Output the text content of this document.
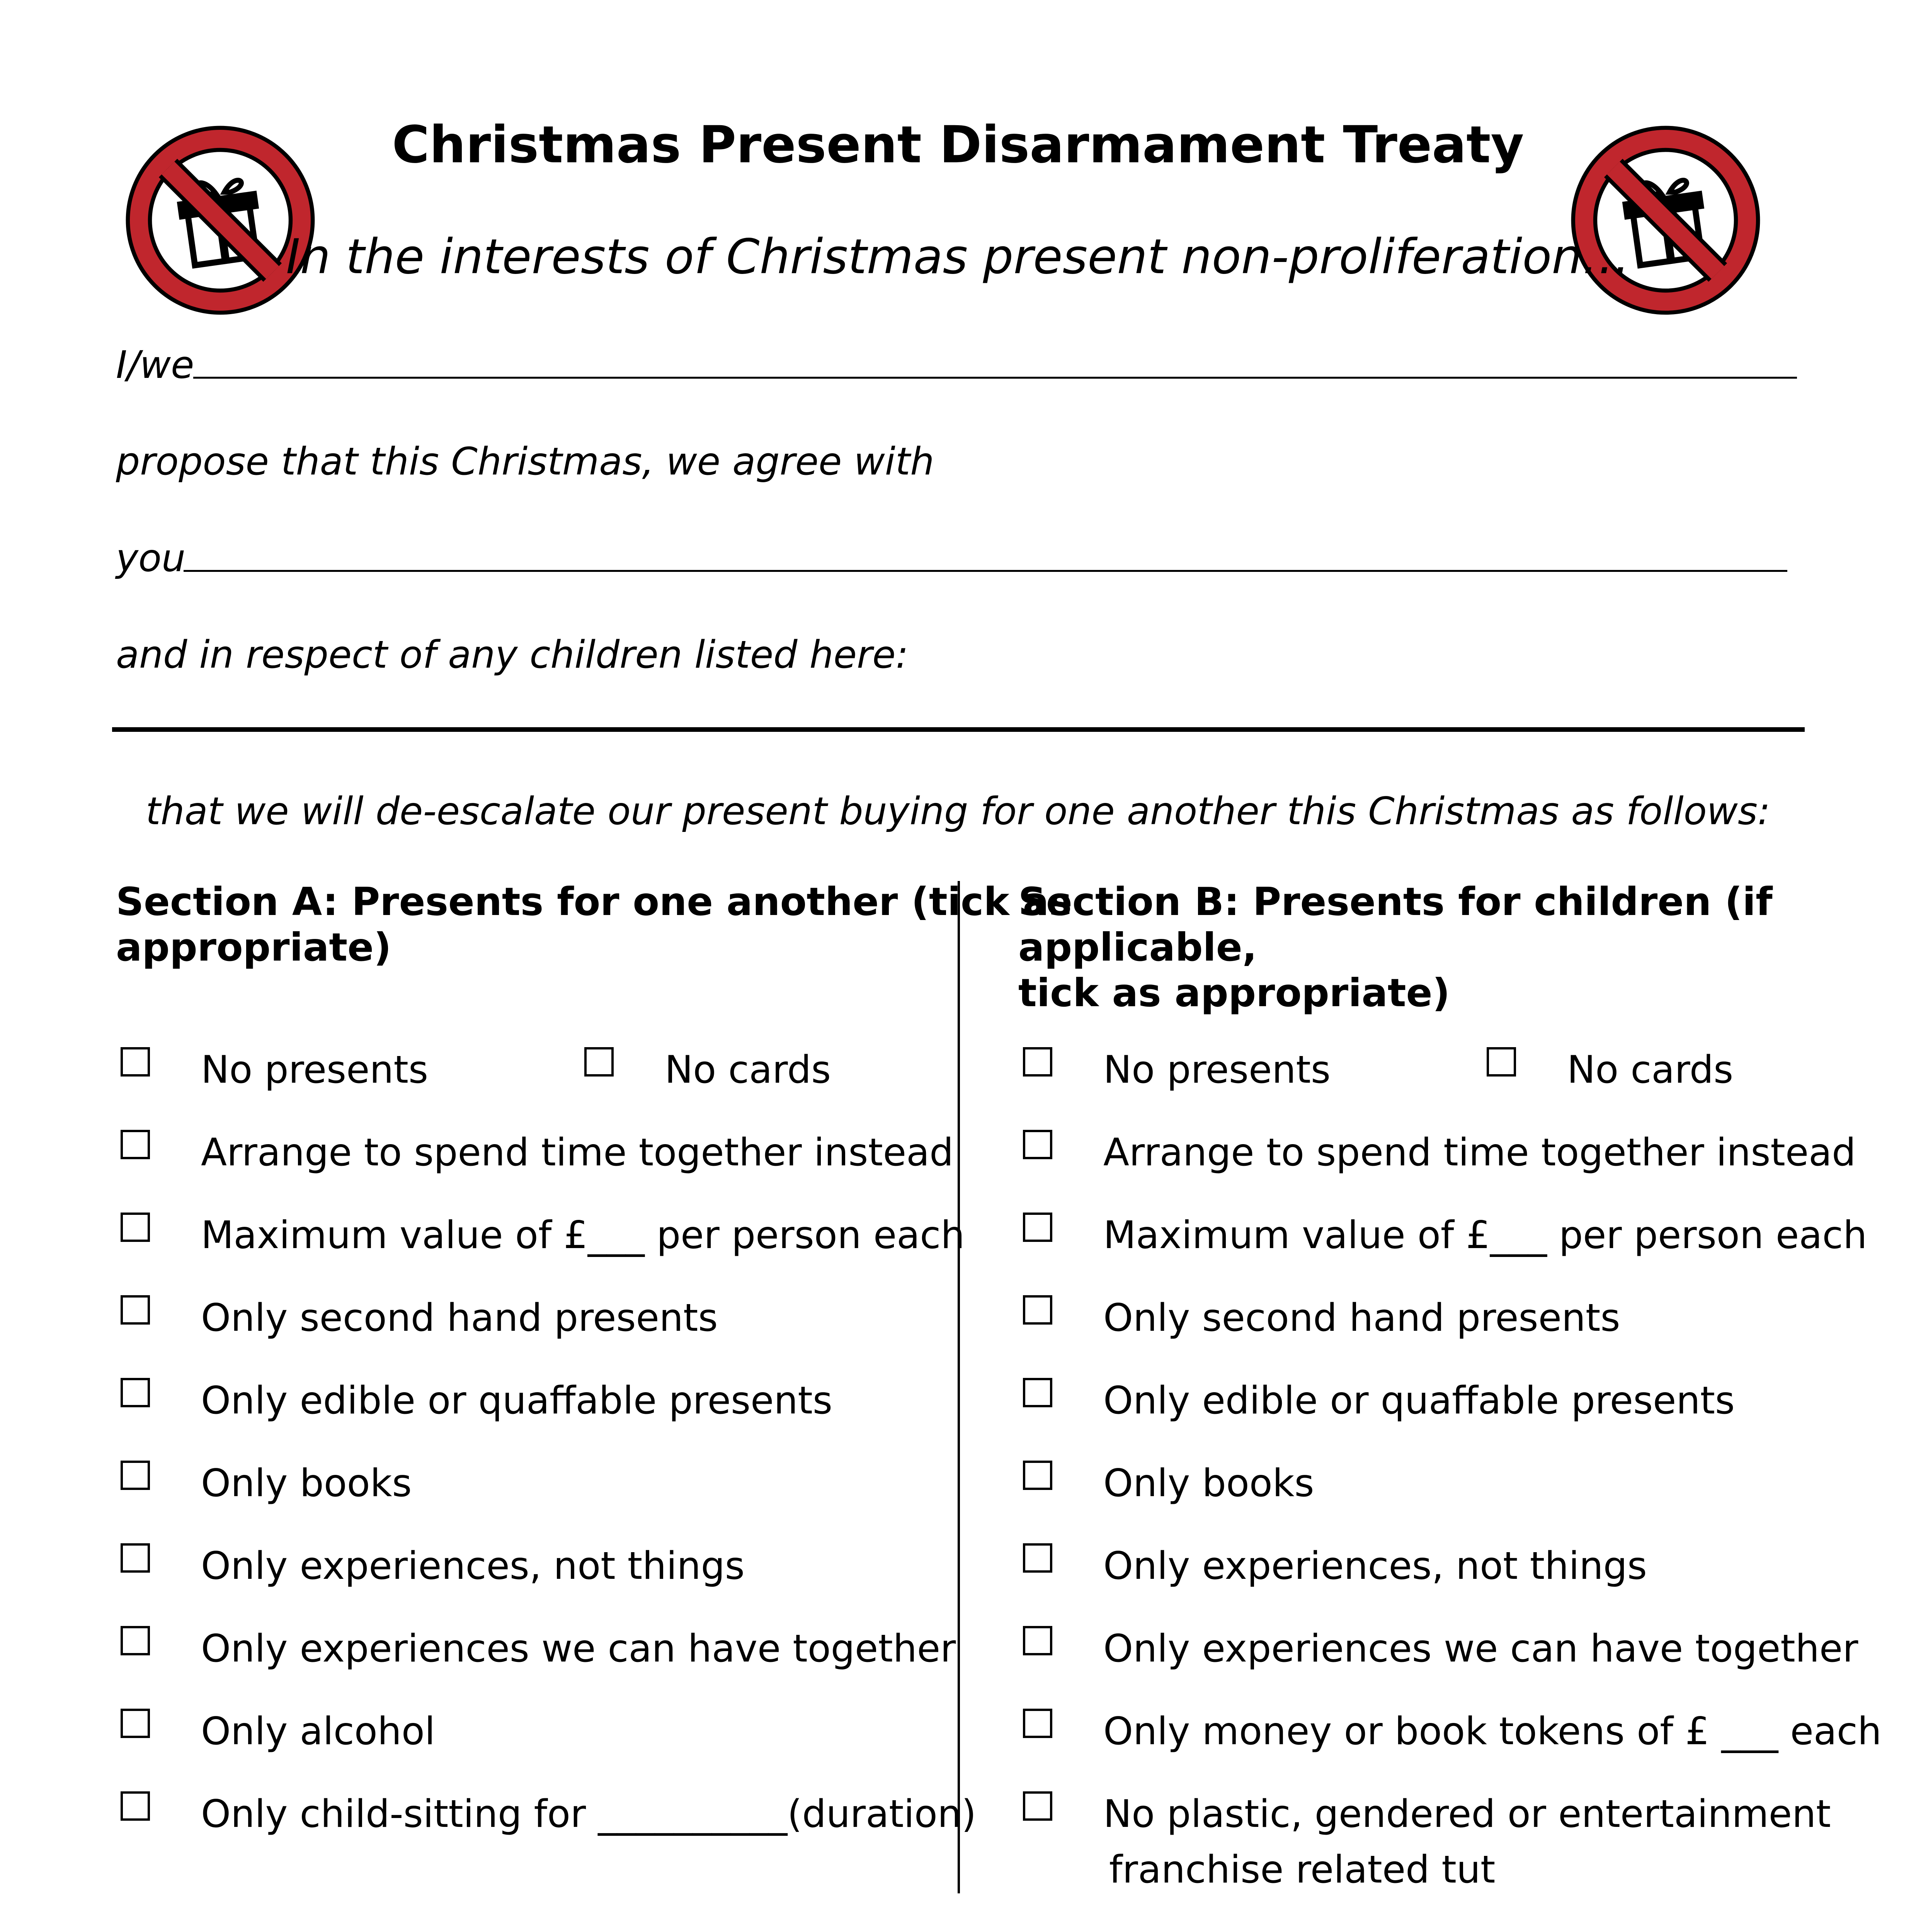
Christmas Present Disarmament Treaty
In the interests of Christmas present non-proliferation…
I/we
propose that this Christmas, we agree with
you
and in respect of any children listed here:
that we will de-escalate our present buying for one another this Christmas as follows:
Section A: Presents for one another (tick as
appropriate)
No presents	No cards
Arrange to spend time together instead
Maximum value of £___ per person each
Only second hand presents
Only edible or quaffable presents
Only books
Only experiences, not things
Only experiences we can have together
Only alcohol
Only child-sitting for __________(duration)
Section B: Presents for children (if applicable,
tick as appropriate)
No presents	No cards
Arrange to spend time together instead
Maximum value of £___ per person each
Only second hand presents
Only edible or quaffable presents
Only books
Only experiences, not things
Only experiences we can have together
Only money or book tokens of £ ___ each
No plastic, gendered or entertainment
franchise related tut
